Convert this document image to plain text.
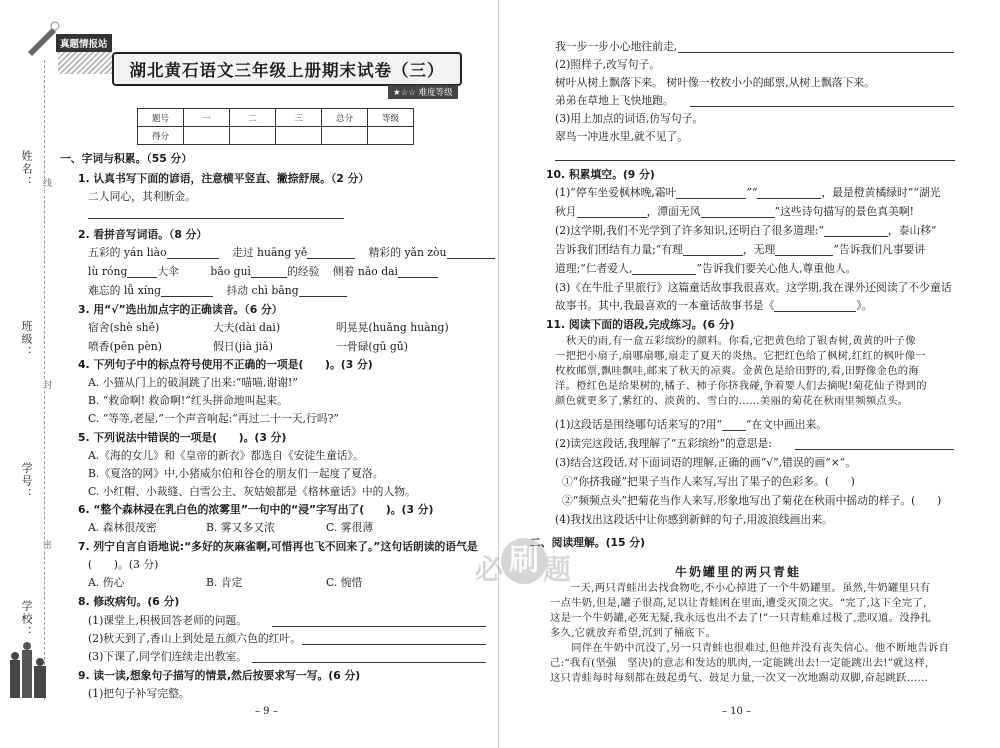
姓名：
班级：
学号：
学校：
线
封
密
真题情报站
湖北黄石语文三年级上册期末试卷（三）
★☆☆ 难度等级
题号	一	二	三	总分	等级
得分					
一、字词与积累。（55 分）
1. 认真书写下面的谚语，注意横平竖直、撇捺舒展。（2 分）
二人同心，其利断金。
2. 看拼音写词语。（8 分）
五彩的 yán liào	走过 huāng yě	精彩的 yǎn zòu
lù róng	大伞	bǎo guì	的经验 侧着 nǎo dai
难忘的 lǚ xíng	抖动 chì bǎng
3. 用“√”选出加点字的正确读音。（6 分）
宿舍(shè shě)	大夫(dài dai)	明晃晃(huǎng huàng)
喷香(pēn pèn)	假日(jià jiǎ)	一骨碌(gū gǔ)
4. 下列句子中的标点符号使用不正确的一项是(　　)。(3 分)
A. 小猫从门上的破洞跳了出来:“喵喵,谢谢!”
B. “救命啊! 救命啊!”红头拼命地叫起来。
C. “等等,老屋,”一个声音响起:“再过二十一天,行吗?”
5. 下列说法中错误的一项是(　　)。(3 分)
A.《海的女儿》和《皇帝的新衣》都选自《安徒生童话》。
B.《夏洛的网》中,小猪威尔伯和谷仓的朋友们一起度了夏洛。
C. 小红帽、小裁缝、白雪公主、灰姑娘都是《格林童话》中的人物。
6. “整个森林浸在乳白色的浓雾里”一句中的“浸”字写出了(　　)。(3 分)
A. 森林很茂密	B. 雾又多又浓	C. 雾很薄
7. 列宁自言自语地说:“多好的灰麻雀啊,可惜再也飞不回来了。”这句话朗读的语气是
(　　)。(3 分)
A. 伤心	B. 肯定	C. 惋惜
8. 修改病句。(6 分)
(1)课堂上,积极回答老师的问题。
(2)秋天到了,香山上到处是五颜六色的红叶。
(3)下课了,同学们连续走出教室。
9. 读一读,想象句子描写的情景,然后按要求写一写。(6 分)
(1)把句子补写完整。
– 9 –
我一步一步小心地往前走,
(2)照样子,改写句子。
树叶从树上飘落下来。 树叶像一枚枚小小的邮票,从树上飘落下来。
弟弟在草地上飞快地跑。
(3)用上加点的词语,仿写句子。
翠鸟一冲进水里,就不见了。
10. 积累填空。(9 分)
(1)“停车坐爱枫林晚,霜叶	”“	，最是橙黄橘绿时”“湖光
秋月	，潭面无风	”这些诗句描写的景色真美啊!
(2)这学期,我们不光学到了许多知识,还明白了很多道理:“	，泰山移”
告诉我们团结有力量;“有理	，无理	”告诉我们凡事要讲
道理;“仁者爱人,	”告诉我们要关心他人,尊重他人。
(3)《在牛肚子里旅行》这篇童话故事我很喜欢。这学期,我在课外还阅读了不少童话
故事书。其中,我最喜欢的一本童话故事书是《	》。
11. 阅读下面的语段,完成练习。(6 分)
秋天的雨,有一盒五彩缤纷的颜料。你看,它把黄色给了银杏树,黄黄的叶子像
一把把小扇子,扇哪扇哪,扇走了夏天的炎热。它把红色给了枫树,红红的枫叶像一
枚枚邮票,飘哇飘哇,邮来了秋天的凉爽。金黄色是给田野的,看,田野像金色的海
洋。橙红色是给果树的,橘子、柿子你挤我碰,争着要人们去摘呢!菊花仙子得到的
颜色就更多了,紫红的、淡黄的、雪白的……美丽的菊花在秋雨里频频点头。
(1)这段话是围绕哪句话来写的?用“ ”在文中画出来。
(2)读完这段话,我理解了“五彩缤纷”的意思是:
(3)结合这段话,对下面词语的理解,正确的画“√”,错误的画“×”。
①“你挤我碰”把果子当作人来写,写出了果子的色彩多。(　　)
②“频频点头”把菊花当作人来写,形象地写出了菊花在秋雨中摇动的样子。(　　)
(4)我找出这段话中让你感到新鲜的句子,用波浪线画出来。
二、阅读理解。(15 分)
牛奶罐里的两只青蛙
一天,两只青蛙出去找食物吃,不小心掉进了一个牛奶罐里。虽然,牛奶罐里只有
一点牛奶,但是,罐子很高,足以让青蛙困在里面,遭受灭顶之灾。“完了,这下全完了,
这是一个牛奶罐,必死无疑,我永远也出不去了!”一只青蛙难过极了,悲叹道。没挣扎
多久,它就放弃希望,沉到了桶底下。
　　同伴在牛奶中沉没了,另一只青蛙也很难过,但他并没有丧失信心。他不断地告诉自
己:“我有(坚强　坚决)的意志和发达的肌肉,一定能跳出去!一定能跳出去!”就这样,
这只青蛙每时每刻都在鼓起勇气、鼓足力量,一次又一次地踢动双脚,奋起跳跃……
– 10 –
必 刷 题
